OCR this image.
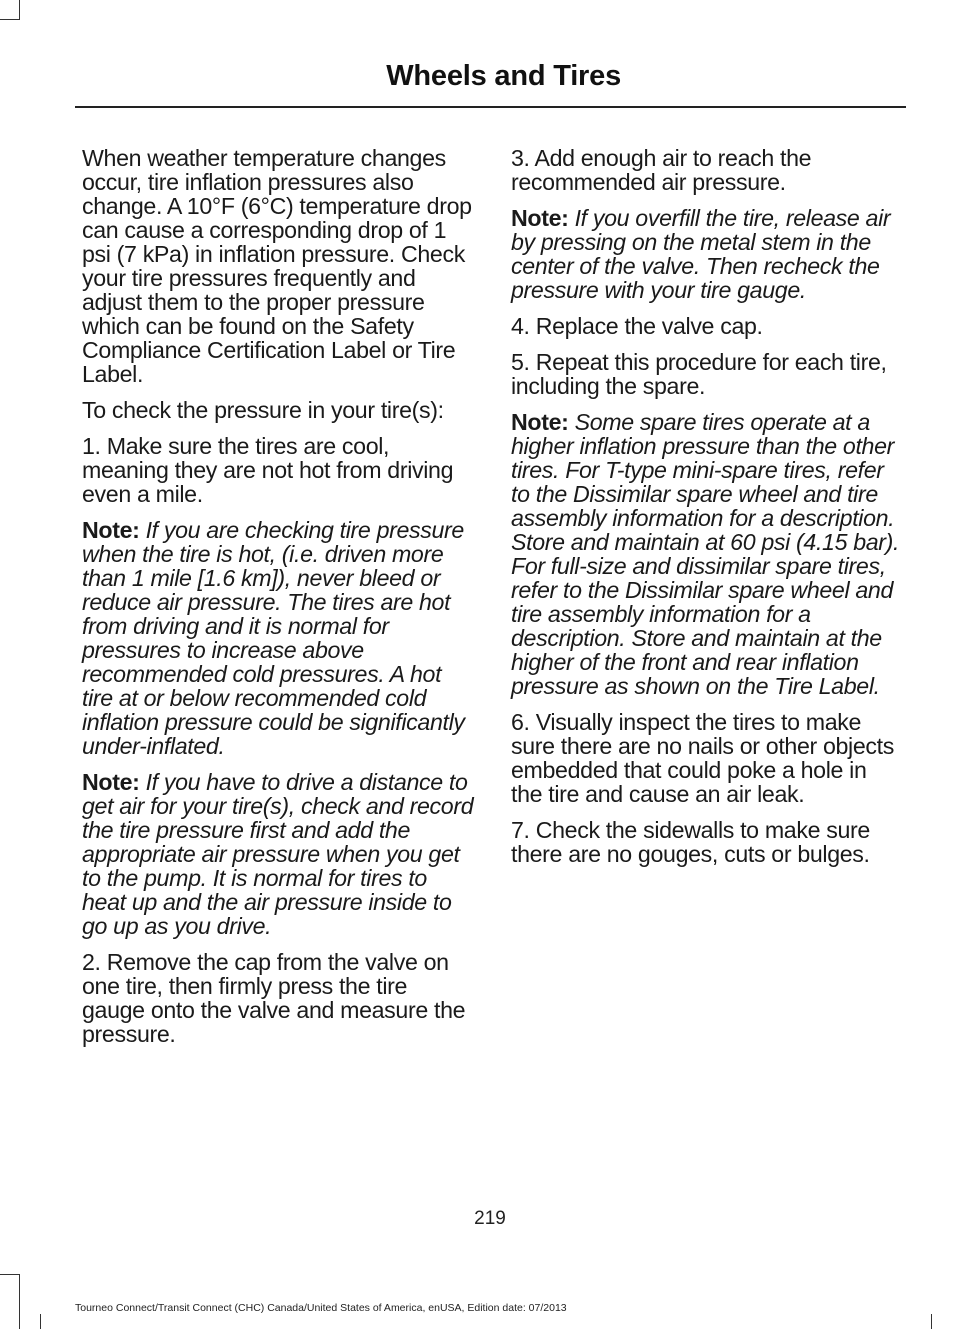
Wheels and Tires

When weather temperature changes occur, tire inflation pressures also change. A 10°F (6°C) temperature drop can cause a corresponding drop of 1 psi (7 kPa) in inflation pressure. Check your tire pressures frequently and adjust them to the proper pressure which can be found on the Safety Compliance Certification Label or Tire Label.

To check the pressure in your tire(s):

1. Make sure the tires are cool, meaning they are not hot from driving even a mile.

Note: If you are checking tire pressure when the tire is hot, (i.e. driven more than 1 mile [1.6 km]), never bleed or reduce air pressure. The tires are hot from driving and it is normal for pressures to increase above recommended cold pressures. A hot tire at or below recommended cold inflation pressure could be significantly under-inflated.

Note: If you have to drive a distance to get air for your tire(s), check and record the tire pressure first and add the appropriate air pressure when you get to the pump. It is normal for tires to heat up and the air pressure inside to go up as you drive.

2. Remove the cap from the valve on one tire, then firmly press the tire gauge onto the valve and measure the pressure.

3. Add enough air to reach the recommended air pressure.

Note: If you overfill the tire, release air by pressing on the metal stem in the center of the valve. Then recheck the pressure with your tire gauge.

4. Replace the valve cap.

5. Repeat this procedure for each tire, including the spare.

Note: Some spare tires operate at a higher inflation pressure than the other tires. For T-type mini-spare tires, refer to the Dissimilar spare wheel and tire assembly information for a description. Store and maintain at 60 psi (4.15 bar). For full-size and dissimilar spare tires, refer to the Dissimilar spare wheel and tire assembly information for a description. Store and maintain at the higher of the front and rear inflation pressure as shown on the Tire Label.

6. Visually inspect the tires to make sure there are no nails or other objects embedded that could poke a hole in the tire and cause an air leak.

7. Check the sidewalls to make sure there are no gouges, cuts or bulges.

219
Tourneo Connect/Transit Connect (CHC) Canada/United States of America, enUSA, Edition date: 07/2013
